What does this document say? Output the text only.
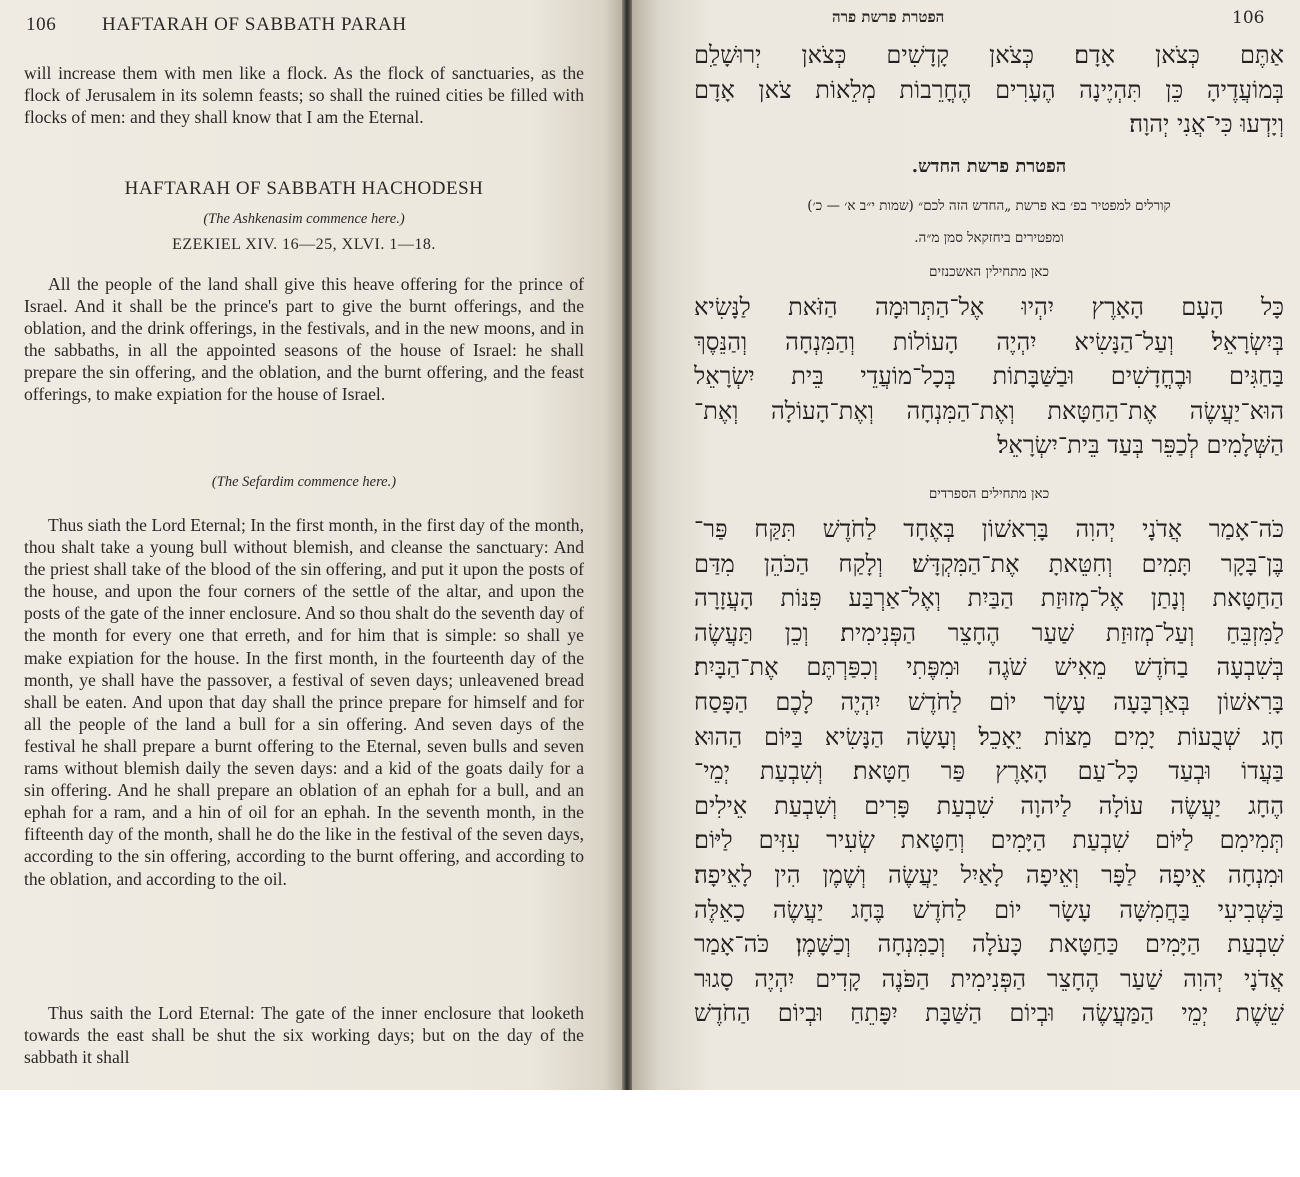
106 HAFTARAH OF SABBATH PARAH

will increase them with men like a flock. As the flock of sanctuaries, as the flock of Jerusalem in its solemn feasts; so shall the ruined cities be filled with flocks of men: and they shall know that I am the Eternal.

HAFTARAH OF SABBATH HACHODESH
(The Ashkenasim commence here.)
EZEKIEL XIV. 16—25, XLVI. 1—18.

All the people of the land shall give this heave offering for the prince of Israel. And it shall be the prince's part to give the burnt offerings, and the oblation, and the drink offerings, in the festivals, and in the new moons, and in the sabbaths, in all the appointed seasons of the house of Israel: he shall prepare the sin offering, and the oblation, and the burnt offering, and the feast offerings, to make expiation for the house of Israel.

(The Sefardim commence here.)

Thus siath the Lord Eternal; In the first month, in the first day of the month, thou shalt take a young bull without blemish, and cleanse the sanctuary: And the priest shall take of the blood of the sin offering, and put it upon the posts of the house, and upon the four corners of the settle of the altar, and upon the posts of the gate of the inner enclosure. And so thou shalt do the seventh day of the month for every one that erreth, and for him that is simple: so shall ye make expiation for the house. In the first month, in the fourteenth day of the month, ye shall have the passover, a festival of seven days; unleavened bread shall be eaten. And upon that day shall the prince prepare for himself and for all the people of the land a bull for a sin offering. And seven days of the festival he shall prepare a burnt offering to the Eternal, seven bulls and seven rams without blemish daily the seven days: and a kid of the goats daily for a sin offering. And he shall prepare an oblation of an ephah for a bull, and an ephah for a ram, and a hin of oil for an ephah. In the seventh month, in the fifteenth day of the month, shall he do the like in the festival of the seven days, according to the sin offering, according to the burnt offering, and according to the oblation, and according to the oil.

Thus saith the Lord Eternal: The gate of the inner enclosure that looketh towards the east shall be shut the six working days; but on the day of the sabbath it shall

הפטרת פרשת פרה	106
אַתֶּם כְּצֹאן אָדָם׃ כְּצֹאן קָדָשִׁים כְּצֹאן יְרוּשָׁלַ͏ִם
בְּמוֹעֲדֶיהָ כֵּן תִּהְיֶינָה הֶעָרִים הֶחֳרֵבוֹת מְלֵאוֹת צֹאן אָדָם
וְיָדְעוּ כִּי־אֲנִי יְהוָה׃
הפטרת פרשת החדש.
קורלים למפטיר בפ׳ בא פרשת „החדש הזה לכם״ (שמות י״ב א׳ — כ׳)
ומפטירים ביחזקאל סמן מ״ה.
כאן מתחילין האשכנזים
כָּל הָעָם הָאָרֶץ יִהְיוּ אֶל־הַתְּרוּמָה הַזֹּאת לַנָּשִׂיא
בְּיִשְׂרָאֵל׃ וְעַל־הַנָּשִׂיא יִהְיֶה הָעוֹלוֹת וְהַמִּנְחָה וְהַנֵּסֶךְ
בַּחַגִּים וּבֶחֳדָשִׁים וּבַשַּׁבָּתוֹת בְּכָל־מוֹעֲדֵי בֵּית יִשְׂרָאֵל
הוּא־יַעֲשֶׂה אֶת־הַחַטָּאת וְאֶת־הַמִּנְחָה וְאֶת־הָעוֹלָה וְאֶת־
הַשְּׁלָמִים לְכַפֵּר בְּעַד בֵּית־יִשְׂרָאֵל׃
כאן מתחילים הספרדים
כֹּה־אָמַר אֲדֹנָי יְהוִה בָּרִאשׁוֹן בְּאֶחָד לַחֹדֶשׁ תִּקַּח פַּר־
בֶּן־בָּקָר תָּמִים וְחִטֵּאתָ אֶת־הַמִּקְדָּשׁ׃ וְלָקַח הַכֹּהֵן מִדַּם
הַחַטָּאת וְנָתַן אֶל־מְזוּזַת הַבַּיִת וְאֶל־אַרְבַּע פִּנּוֹת הָעֲזָרָה
לַמִּזְבֵּחַ וְעַל־מְזוּזַת שַׁעַר הֶחָצֵר הַפְּנִימִית׃ וְכֵן תַּעֲשֶׂה
בְּשִׁבְעָה בַחֹדֶשׁ מֵאִישׁ שֹׁגֶה וּמִפֶּתִי וְכִפַּרְתֶּם אֶת־הַבָּיִת׃
בָּרִאשׁוֹן בְּאַרְבָּעָה עָשָׂר יוֹם לַחֹדֶשׁ יִהְיֶה לָכֶם הַפָּסַח
חָג שְׁבֻעוֹת יָמִים מַצּוֹת יֵאָכֵל׃ וְעָשָׂה הַנָּשִׂיא בַּיּוֹם הַהוּא
בַּעֲדוֹ וּבְעַד כָּל־עַם הָאָרֶץ פַּר חַטָּאת׃ וְשִׁבְעַת יְמֵי־
הֶחָג יַעֲשֶׂה עוֹלָה לַיהוָה שִׁבְעַת פָּרִים וְשִׁבְעַת אֵילִים
תְּמִימִם לַיּוֹם שִׁבְעַת הַיָּמִים וְחַטָּאת שְׂעִיר עִזִּים לַיּוֹם׃
וּמִנְחָה אֵיפָה לַפָּר וְאֵיפָה לָאַיִל יַעֲשֶׂה וְשֶׁמֶן הִין לָאֵיפָה׃
בַּשְּׁבִיעִי בַּחֲמִשָּׁה עָשָׂר יוֹם לַחֹדֶשׁ בֶּחָג יַעֲשֶׂה כָאֵלֶּה
שִׁבְעַת הַיָּמִים כַּחַטָּאת כָּעֹלָה וְכַמִּנְחָה וְכַשָּׁמֶן׃ כֹּה־אָמַר
אֲדֹנָי יְהוִה שַׁעַר הֶחָצֵר הַפְּנִימִית הַפֹּנֶה קָדִים יִהְיֶה סָגוּר
שֵׁשֶׁת יְמֵי הַמַּעֲשֶׂה וּבְיוֹם הַשַּׁבָּת יִפָּתֵחַ וּבְיוֹם הַחֹדֶשׁ
